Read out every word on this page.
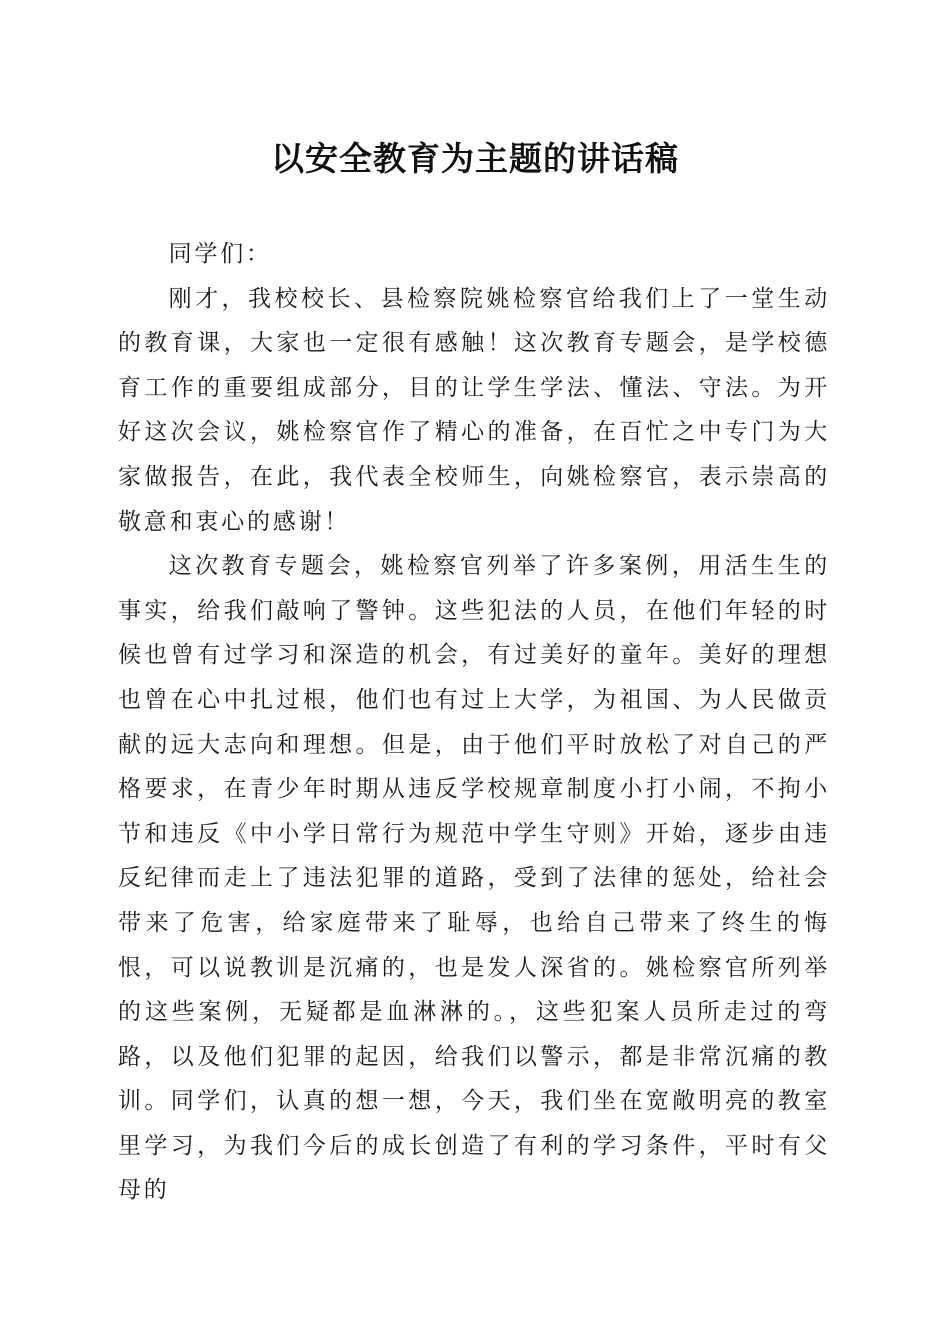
以安全教育为主题的讲话稿

同学们：

刚才，我校校长、县检察院姚检察官给我们上了一堂生动的教育课，大家也一定很有感触！这次教育专题会，是学校德育工作的重要组成部分，目的让学生学法、懂法、守法。为开好这次会议，姚检察官作了精心的准备，在百忙之中专门为大家做报告，在此，我代表全校师生，向姚检察官，表示崇高的敬意和衷心的感谢！

这次教育专题会，姚检察官列举了许多案例，用活生生的事实，给我们敲响了警钟。这些犯法的人员，在他们年轻的时候也曾有过学习和深造的机会，有过美好的童年。美好的理想也曾在心中扎过根，他们也有过上大学，为祖国、为人民做贡献的远大志向和理想。但是，由于他们平时放松了对自己的严格要求，在青少年时期从违反学校规章制度小打小闹，不拘小节和违反《中小学日常行为规范中学生守则》开始，逐步由违反纪律而走上了违法犯罪的道路，受到了法律的惩处，给社会带来了危害，给家庭带来了耻辱，也给自己带来了终生的悔恨，可以说教训是沉痛的，也是发人深省的。姚检察官所列举的这些案例，无疑都是血淋淋的。，这些犯案人员所走过的弯路，以及他们犯罪的起因，给我们以警示，都是非常沉痛的教训。同学们，认真的想一想，今天，我们坐在宽敞明亮的教室里学习，为我们今后的成长创造了有利的学习条件，平时有父母的
